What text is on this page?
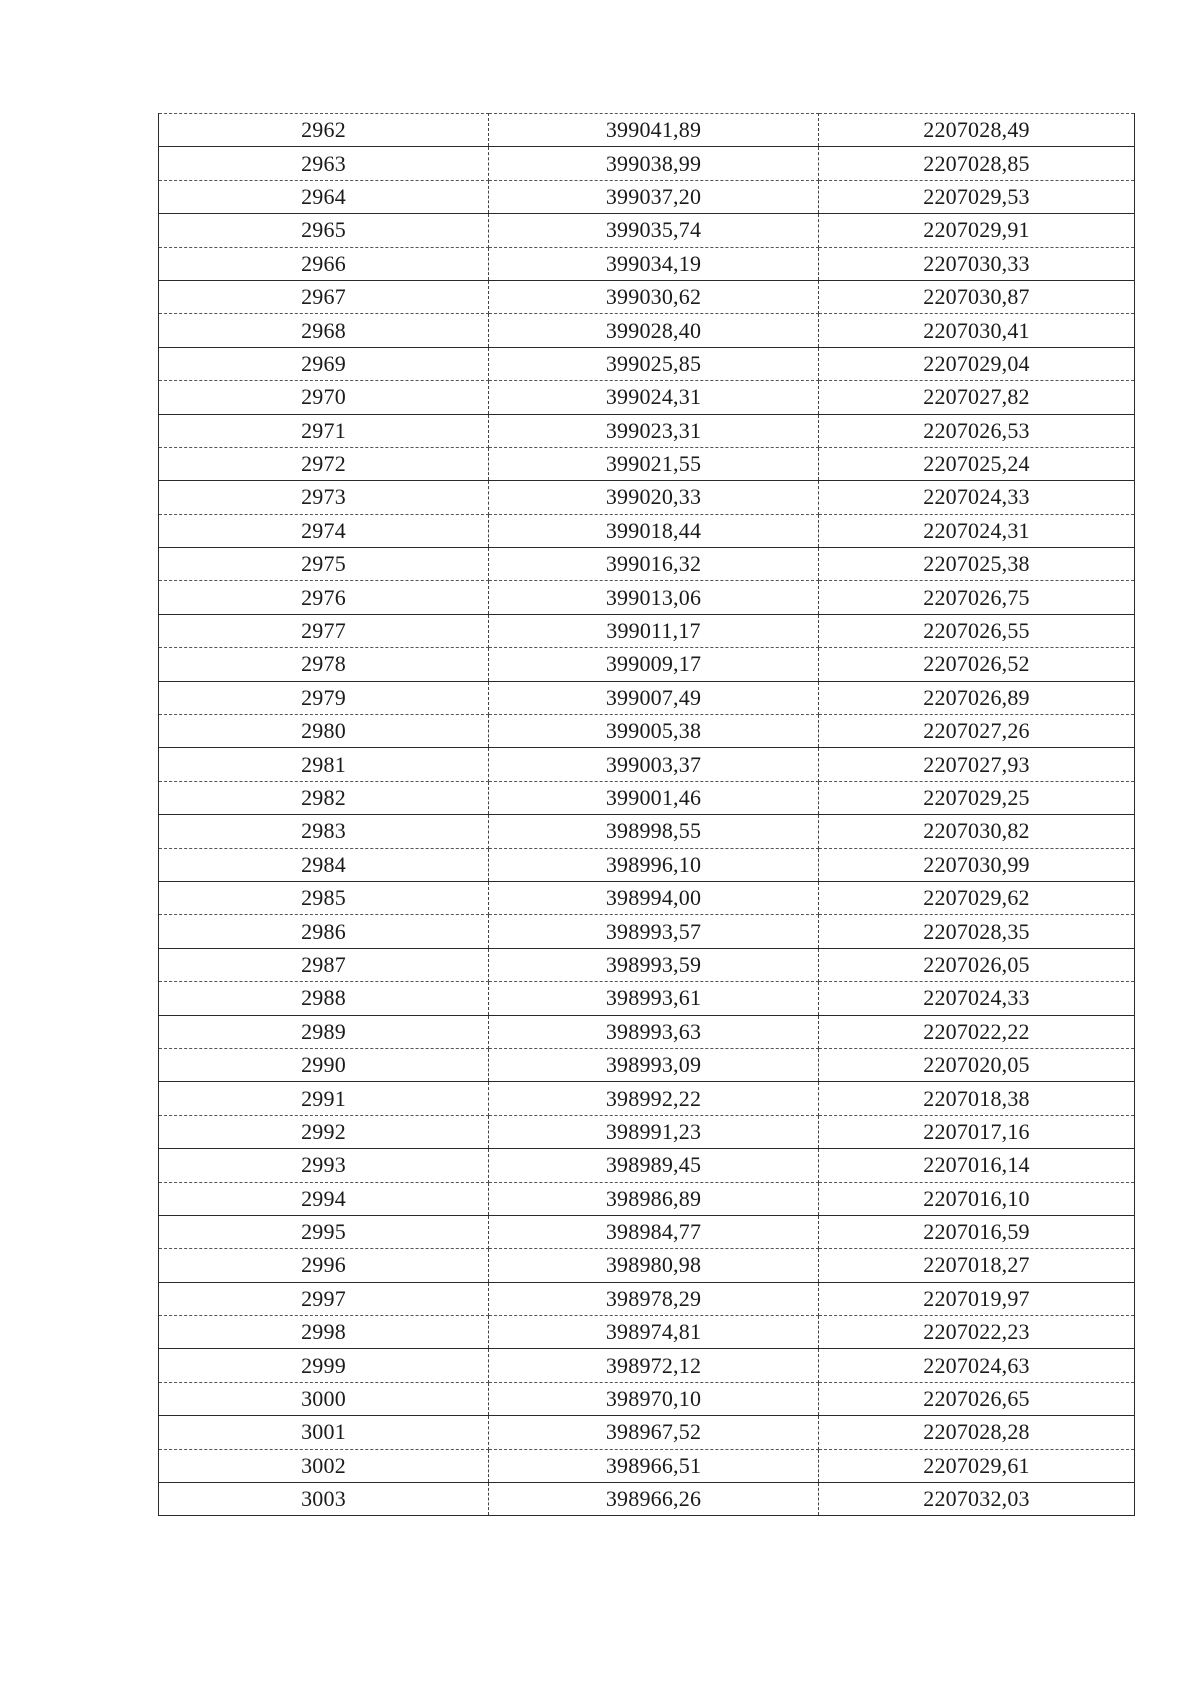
2962	399041,89	2207028,49
2963	399038,99	2207028,85
2964	399037,20	2207029,53
2965	399035,74	2207029,91
2966	399034,19	2207030,33
2967	399030,62	2207030,87
2968	399028,40	2207030,41
2969	399025,85	2207029,04
2970	399024,31	2207027,82
2971	399023,31	2207026,53
2972	399021,55	2207025,24
2973	399020,33	2207024,33
2974	399018,44	2207024,31
2975	399016,32	2207025,38
2976	399013,06	2207026,75
2977	399011,17	2207026,55
2978	399009,17	2207026,52
2979	399007,49	2207026,89
2980	399005,38	2207027,26
2981	399003,37	2207027,93
2982	399001,46	2207029,25
2983	398998,55	2207030,82
2984	398996,10	2207030,99
2985	398994,00	2207029,62
2986	398993,57	2207028,35
2987	398993,59	2207026,05
2988	398993,61	2207024,33
2989	398993,63	2207022,22
2990	398993,09	2207020,05
2991	398992,22	2207018,38
2992	398991,23	2207017,16
2993	398989,45	2207016,14
2994	398986,89	2207016,10
2995	398984,77	2207016,59
2996	398980,98	2207018,27
2997	398978,29	2207019,97
2998	398974,81	2207022,23
2999	398972,12	2207024,63
3000	398970,10	2207026,65
3001	398967,52	2207028,28
3002	398966,51	2207029,61
3003	398966,26	2207032,03
